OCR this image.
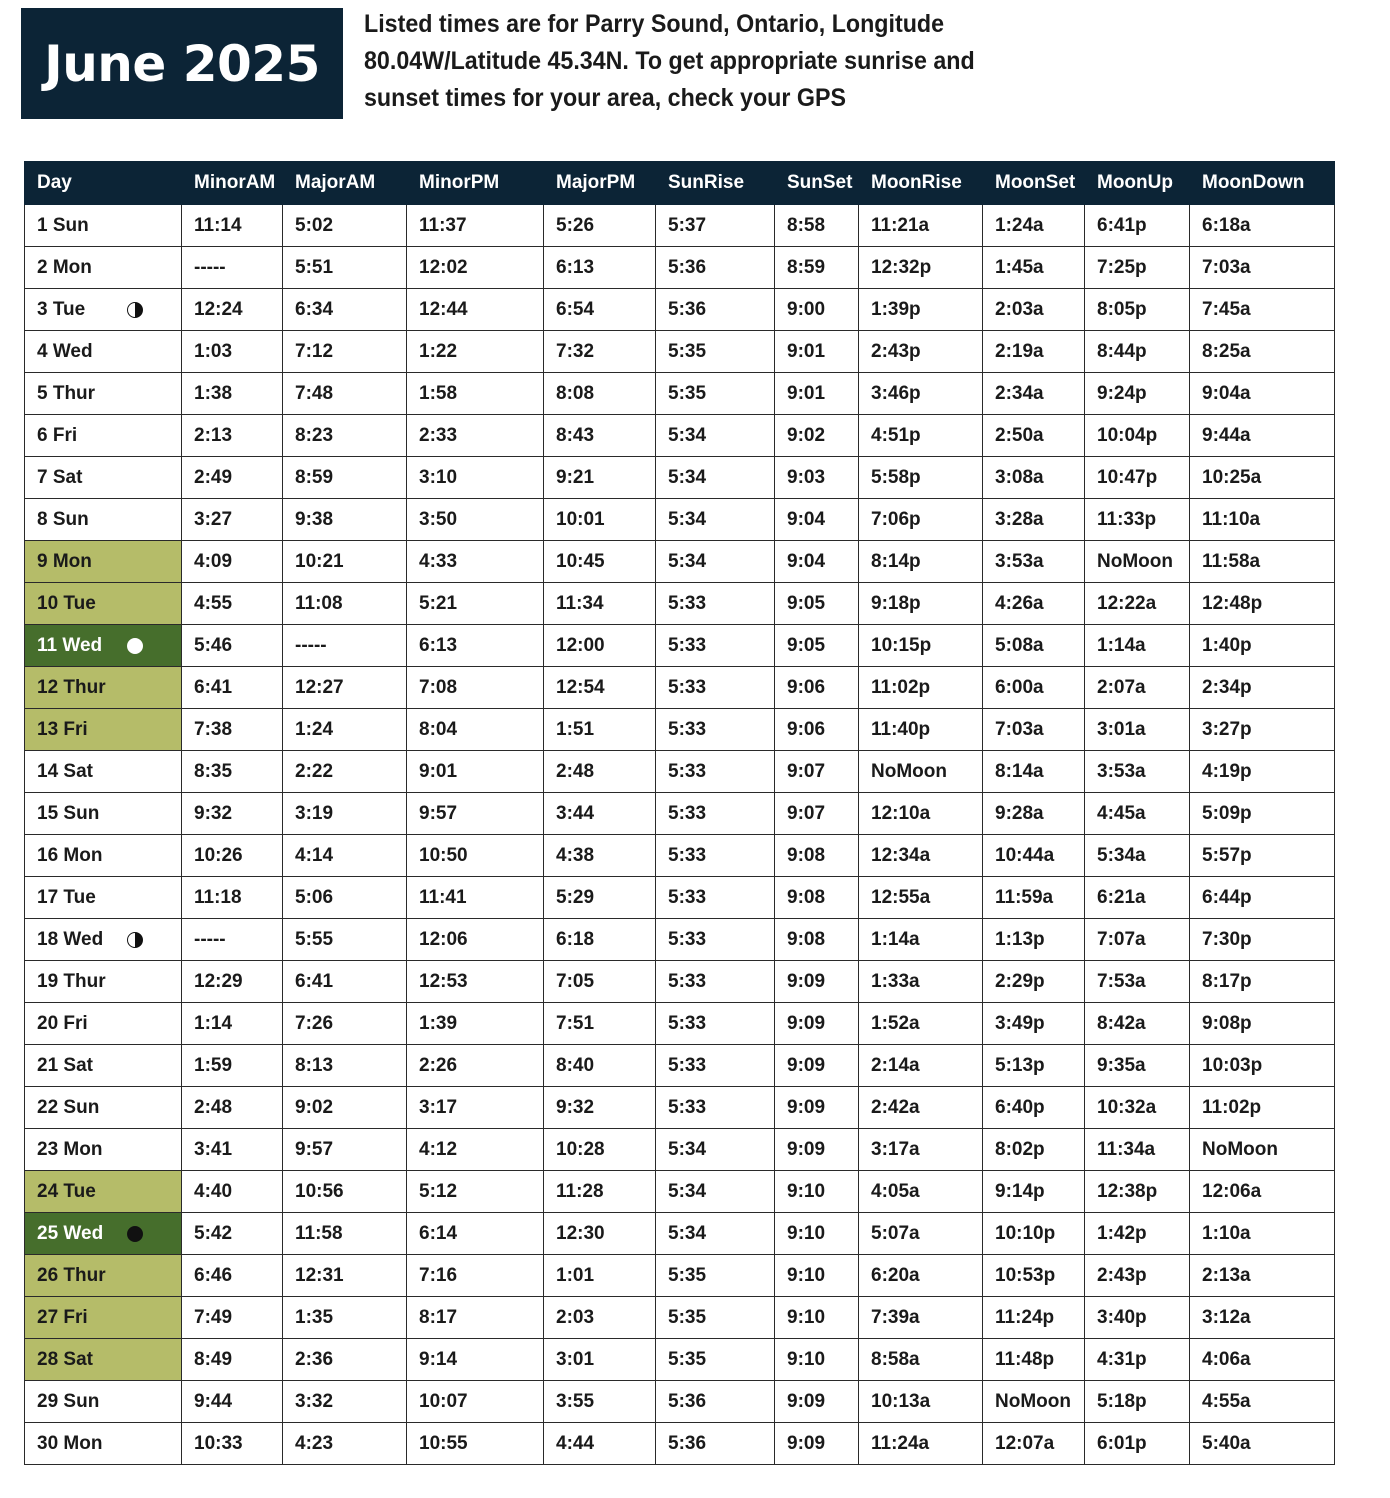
June 2025
Listed times are for Parry Sound, Ontario, Longitude
80.04W/Latitude 45.34N. To get appropriate sunrise and
sunset times for your area, check your GPS
Day	MinorAM	MajorAM	MinorPM	MajorPM	SunRise	SunSet	MoonRise	MoonSet	MoonUp	MoonDown
1 Sun	11:14	5:02	11:37	5:26	5:37	8:58	11:21a	1:24a	6:41p	6:18a
2 Mon	-----	5:51	12:02	6:13	5:36	8:59	12:32p	1:45a	7:25p	7:03a
3 Tue	12:24	6:34	12:44	6:54	5:36	9:00	1:39p	2:03a	8:05p	7:45a
4 Wed	1:03	7:12	1:22	7:32	5:35	9:01	2:43p	2:19a	8:44p	8:25a
5 Thur	1:38	7:48	1:58	8:08	5:35	9:01	3:46p	2:34a	9:24p	9:04a
6 Fri	2:13	8:23	2:33	8:43	5:34	9:02	4:51p	2:50a	10:04p	9:44a
7 Sat	2:49	8:59	3:10	9:21	5:34	9:03	5:58p	3:08a	10:47p	10:25a
8 Sun	3:27	9:38	3:50	10:01	5:34	9:04	7:06p	3:28a	11:33p	11:10a
9 Mon	4:09	10:21	4:33	10:45	5:34	9:04	8:14p	3:53a	NoMoon	11:58a
10 Tue	4:55	11:08	5:21	11:34	5:33	9:05	9:18p	4:26a	12:22a	12:48p
11 Wed	5:46	-----	6:13	12:00	5:33	9:05	10:15p	5:08a	1:14a	1:40p
12 Thur	6:41	12:27	7:08	12:54	5:33	9:06	11:02p	6:00a	2:07a	2:34p
13 Fri	7:38	1:24	8:04	1:51	5:33	9:06	11:40p	7:03a	3:01a	3:27p
14 Sat	8:35	2:22	9:01	2:48	5:33	9:07	NoMoon	8:14a	3:53a	4:19p
15 Sun	9:32	3:19	9:57	3:44	5:33	9:07	12:10a	9:28a	4:45a	5:09p
16 Mon	10:26	4:14	10:50	4:38	5:33	9:08	12:34a	10:44a	5:34a	5:57p
17 Tue	11:18	5:06	11:41	5:29	5:33	9:08	12:55a	11:59a	6:21a	6:44p
18 Wed	-----	5:55	12:06	6:18	5:33	9:08	1:14a	1:13p	7:07a	7:30p
19 Thur	12:29	6:41	12:53	7:05	5:33	9:09	1:33a	2:29p	7:53a	8:17p
20 Fri	1:14	7:26	1:39	7:51	5:33	9:09	1:52a	3:49p	8:42a	9:08p
21 Sat	1:59	8:13	2:26	8:40	5:33	9:09	2:14a	5:13p	9:35a	10:03p
22 Sun	2:48	9:02	3:17	9:32	5:33	9:09	2:42a	6:40p	10:32a	11:02p
23 Mon	3:41	9:57	4:12	10:28	5:34	9:09	3:17a	8:02p	11:34a	NoMoon
24 Tue	4:40	10:56	5:12	11:28	5:34	9:10	4:05a	9:14p	12:38p	12:06a
25 Wed	5:42	11:58	6:14	12:30	5:34	9:10	5:07a	10:10p	1:42p	1:10a
26 Thur	6:46	12:31	7:16	1:01	5:35	9:10	6:20a	10:53p	2:43p	2:13a
27 Fri	7:49	1:35	8:17	2:03	5:35	9:10	7:39a	11:24p	3:40p	3:12a
28 Sat	8:49	2:36	9:14	3:01	5:35	9:10	8:58a	11:48p	4:31p	4:06a
29 Sun	9:44	3:32	10:07	3:55	5:36	9:09	10:13a	NoMoon	5:18p	4:55a
30 Mon	10:33	4:23	10:55	4:44	5:36	9:09	11:24a	12:07a	6:01p	5:40a
